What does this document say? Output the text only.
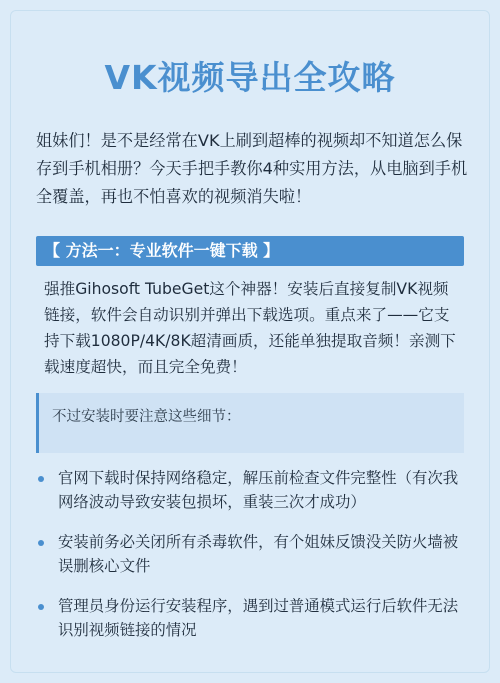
VK视频导出全攻略
姐妹们！是不是经常在VK上刷到超棒的视频却不知道怎么保存到手机相册？今天手把手教你4种实用方法，从电脑到手机全覆盖，再也不怕喜欢的视频消失啦！
【 方法一：专业软件一键下载 】
强推Gihosoft TubeGet这个神器！安装后直接复制VK视频链接，软件会自动识别并弹出下载选项。重点来了——它支持下载1080P/4K/8K超清画质，还能单独提取音频！亲测下载速度超快，而且完全免费！
不过安装时要注意这些细节：
官网下载时保持网络稳定，解压前检查文件完整性（有次我网络波动导致安装包损坏，重装三次才成功）
安装前务必关闭所有杀毒软件，有个姐妹反馈没关防火墙被误删核心文件
管理员身份运行安装程序，遇到过普通模式运行后软件无法识别视频链接的情况
